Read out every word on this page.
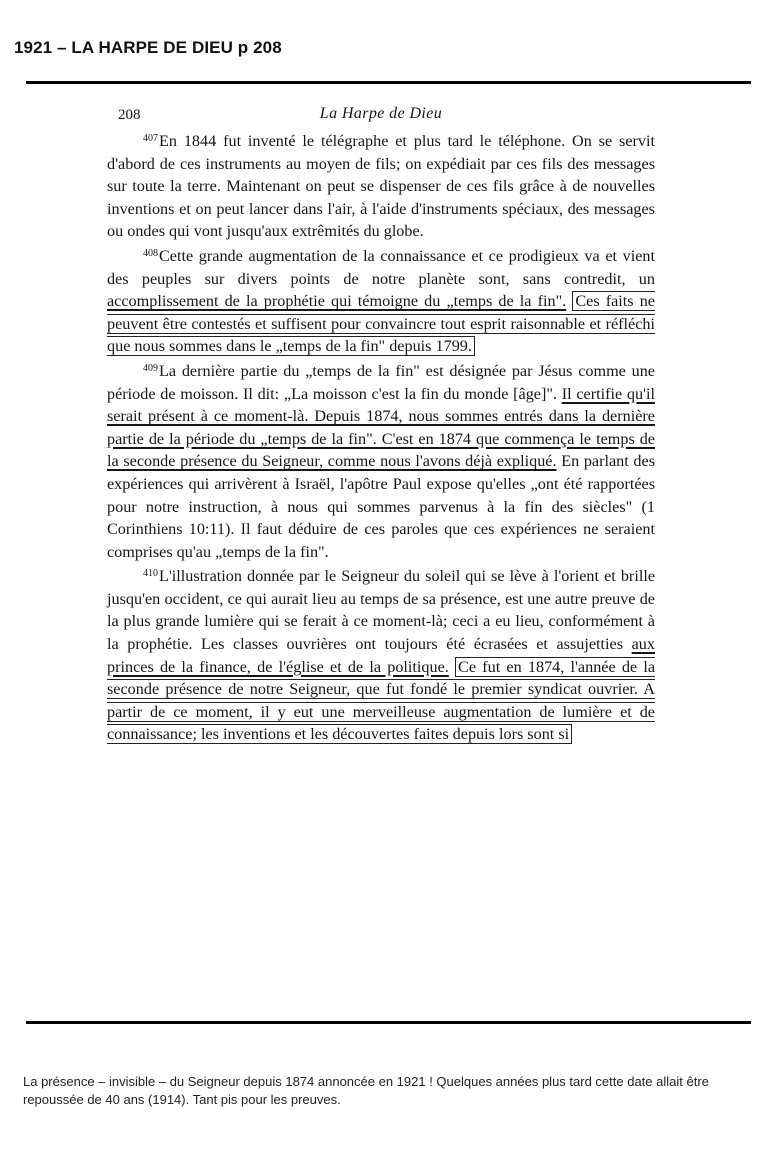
1921 – LA HARPE DE DIEU p 208
208	La Harpe de Dieu

$^{407}$En 1844 fut inventé le télégraphe et plus tard le téléphone. On se servit d'abord de ces instruments au moyen de fils; on expédiait par ces fils des messages sur toute la terre. Maintenant on peut se dispenser de ces fils grâce à de nouvelles inventions et on peut lancer dans l'air, à l'aide d'instruments spéciaux, des messages ou ondes qui vont jusqu'aux extrêmités du globe.

$^{408}$Cette grande augmentation de la connaissance et ce prodigieux va et vient des peuples sur divers points de notre planète sont, sans contredit, un accomplissement de la prophétie qui témoigne du „temps de la fin". Ces faits ne peuvent être contestés et suffisent pour convaincre tout esprit raisonnable et réfléchi que nous sommes dans le „temps de la fin" depuis 1799.

$^{409}$La dernière partie du „temps de la fin" est désignée par Jésus comme une période de moisson. Il dit: „La moisson c'est la fin du monde [âge]". Il certifie qu'il serait présent à ce moment-là. Depuis 1874, nous sommes entrés dans la dernière partie de la période du „temps de la fin". C'est en 1874 que commença le temps de la seconde présence du Seigneur, comme nous l'avons déjà expliqué. En parlant des expériences qui arrivèrent à Israël, l'apôtre Paul expose qu'elles „ont été rapportées pour notre instruction, à nous qui sommes parvenus à la fin des siècles" (1 Corinthiens 10:11). Il faut déduire de ces paroles que ces expériences ne seraient comprises qu'au „temps de la fin".

$^{410}$L'illustration donnée par le Seigneur du soleil qui se lève à l'orient et brille jusqu'en occident, ce qui aurait lieu au temps de sa présence, est une autre preuve de la plus grande lumière qui se ferait à ce moment-là; ceci a eu lieu, conformément à la prophétie. Les classes ouvrières ont toujours été écrasées et assujetties aux princes de la finance, de l'église et de la politique. Ce fut en 1874, l'année de la seconde présence de notre Seigneur, que fut fondé le premier syndicat ouvrier. A partir de ce moment, il y eut une merveilleuse augmentation de lumière et de connaissance; les inventions et les découvertes faites depuis lors sont si

La présence – invisible – du Seigneur depuis 1874 annoncée en 1921 ! Quelques années plus tard cette date allait être repoussée de 40 ans (1914). Tant pis pour les preuves.
